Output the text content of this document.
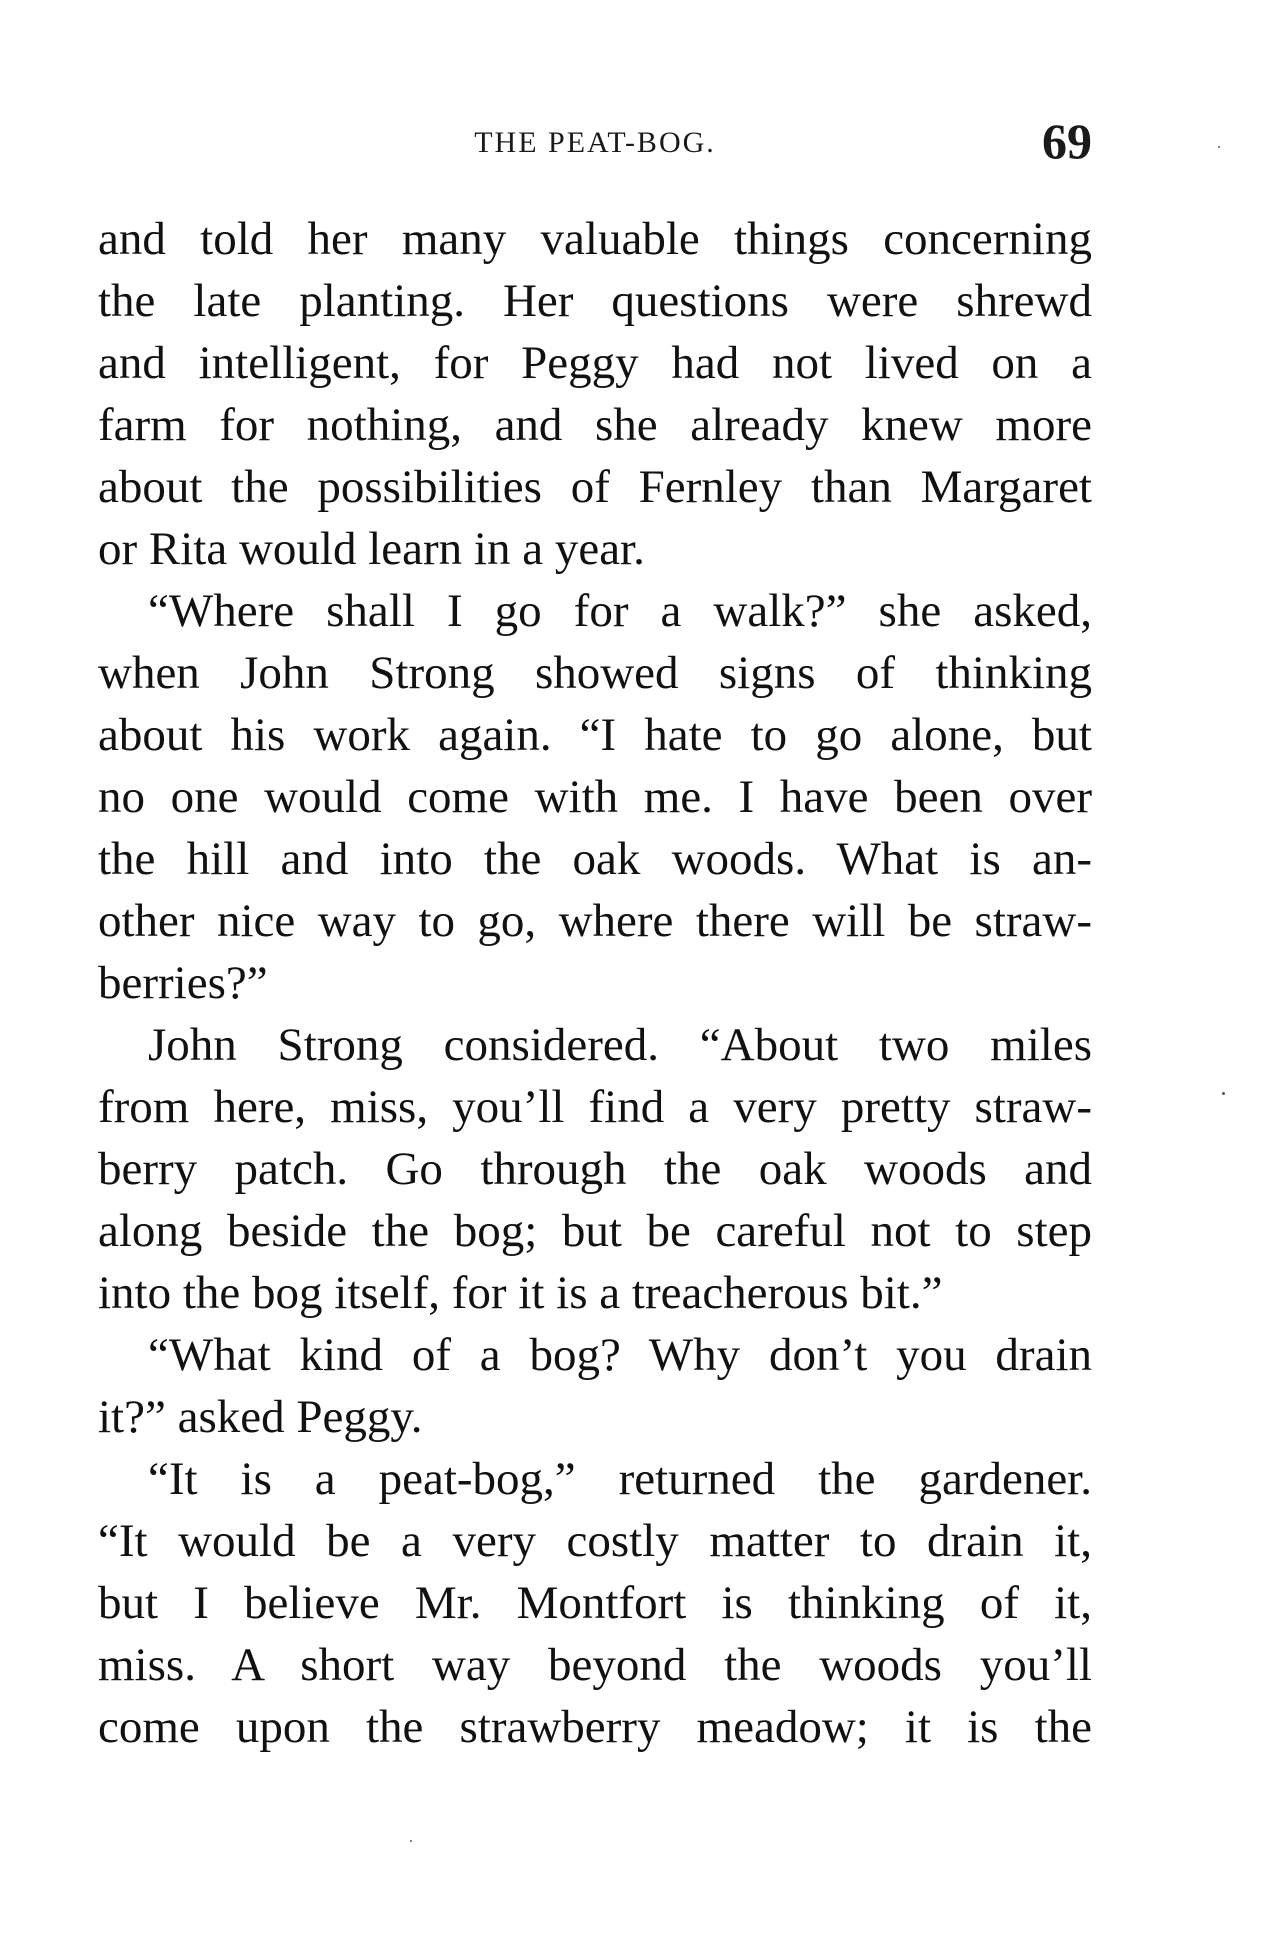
THE PEAT-BOG.	69
and told her many valuable things concerning
the late planting. Her questions were shrewd
and intelligent, for Peggy had not lived on a
farm for nothing, and she already knew more
about the possibilities of Fernley than Margaret
or Rita would learn in a year.
“Where shall I go for a walk?” she asked,
when John Strong showed signs of thinking
about his work again. “I hate to go alone, but
no one would come with me. I have been over
the hill and into the oak woods. What is an-
other nice way to go, where there will be straw-
berries?”
John Strong considered. “About two miles
from here, miss, you’ll find a very pretty straw-
berry patch. Go through the oak woods and
along beside the bog; but be careful not to step
into the bog itself, for it is a treacherous bit.”
“What kind of a bog? Why don’t you drain
it?” asked Peggy.
“It is a peat-bog,” returned the gardener.
“It would be a very costly matter to drain it,
but I believe Mr. Montfort is thinking of it,
miss. A short way beyond the woods you’ll
come upon the strawberry meadow; it is the
